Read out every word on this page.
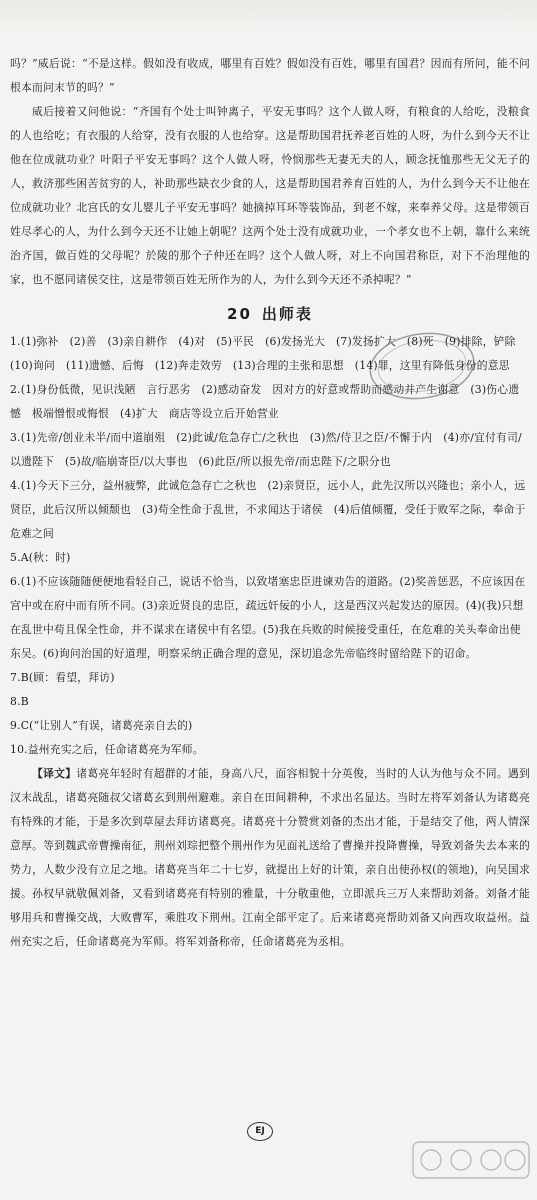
吗？”威后说：“不是这样。假如没有收成，哪里有百姓？假如没有百姓，哪里有国君？因而有所问，能不问根本而问末节的吗？”

威后接着又问他说：“齐国有个处士叫钟离子，平安无事吗？这个人做人呀，有粮食的人给吃，没粮食的人也给吃；有衣服的人给穿，没有衣服的人也给穿。这是帮助国君抚养老百姓的人呀，为什么到今天不让他在位成就功业？叶阳子平安无事吗？这个人做人呀，怜悯那些无妻无夫的人，顾念抚恤那些无父无子的人，救济那些困苦贫穷的人，补助那些缺衣少食的人，这是帮助国君养育百姓的人，为什么到今天不让他在位成就功业？北宫氏的女儿婴儿子平安无事吗？她摘掉耳环等装饰品，到老不嫁，来奉养父母。这是带领百姓尽孝心的人，为什么到今天还不让她上朝呢？这两个处士没有成就功业，一个孝女也不上朝，靠什么来统治齐国，做百姓的父母呢？於陵的那个子仲还在吗？这个人做人呀，对上不向国君称臣，对下不治理他的家，也不愿同诸侯交往，这是带领百姓无所作为的人，为什么到今天还不杀掉呢？”

20 出师表

1.(1)弥补　(2)善　(3)亲自耕作　(4)对　(5)平民　(6)发扬光大　(7)发扬扩大　(8)死　(9)排除，铲除　(10)询问　(11)遗憾、后悔　(12)奔走效劳　(13)合理的主张和思想　(14)罪，这里有降低身份的意思

2.(1)身份低微，见识浅陋　言行恶劣　(2)感动奋发　因对方的好意或帮助而感动并产生谢意　(3)伤心遗憾　极端憎恨或悔恨　(4)扩大　商店等设立后开始营业

3.(1)先帝/创业未半/而中道崩殂　(2)此诚/危急存亡/之秋也　(3)然/侍卫之臣/不懈于内　(4)亦/宜付有司/以遗陛下　(5)故/临崩寄臣/以大事也　(6)此臣/所以报先帝/而忠陛下/之职分也

4.(1)今天下三分，益州疲弊，此诚危急存亡之秋也　(2)亲贤臣，远小人，此先汉所以兴隆也；亲小人，远贤臣，此后汉所以倾颓也　(3)苟全性命于乱世，不求闻达于诸侯　(4)后值倾覆，受任于败军之际，奉命于危难之间

5.A(秋：时)

6.(1)不应该随随便便地看轻自己，说话不恰当，以致堵塞忠臣进谏劝告的道路。(2)奖善惩恶，不应该因在宫中或在府中而有所不同。(3)亲近贤良的忠臣，疏远奸佞的小人，这是西汉兴起发达的原因。(4)(我)只想在乱世中苟且保全性命，并不谋求在诸侯中有名望。(5)我在兵败的时候接受重任，在危难的关头奉命出使东吴。(6)询问治国的好道理，明察采纳正确合理的意见，深切追念先帝临终时留给陛下的诏命。

7.B(顾：看望，拜访)

8.B

9.C(“让别人”有误，诸葛亮亲自去的)

10.益州充实之后，任命诸葛亮为军师。

【译文】诸葛亮年轻时有超群的才能，身高八尺，面容相貌十分英俊，当时的人认为他与众不同。遇到汉末战乱，诸葛亮随叔父诸葛玄到荆州避难。亲自在田间耕种，不求出名显达。当时左将军刘备认为诸葛亮有特殊的才能，于是多次到草屋去拜访诸葛亮。诸葛亮十分赞赏刘备的杰出才能，于是结交了他，两人情深意厚。等到魏武帝曹操南征，荆州刘琮把整个荆州作为见面礼送给了曹操并投降曹操，导致刘备失去本来的势力，人数少没有立足之地。诸葛亮当年二十七岁，就提出上好的计策，亲自出使孙权(的领地)，向吴国求援。孙权早就敬佩刘备，又看到诸葛亮有特别的雅量，十分敬重他，立即派兵三万人来帮助刘备。刘备才能够用兵和曹操交战，大败曹军，乘胜攻下荆州。江南全部平定了。后来诸葛亮帮助刘备又向西攻取益州。益州充实之后，任命诸葛亮为军师。将军刘备称帝，任命诸葛亮为丞相。

EJ
